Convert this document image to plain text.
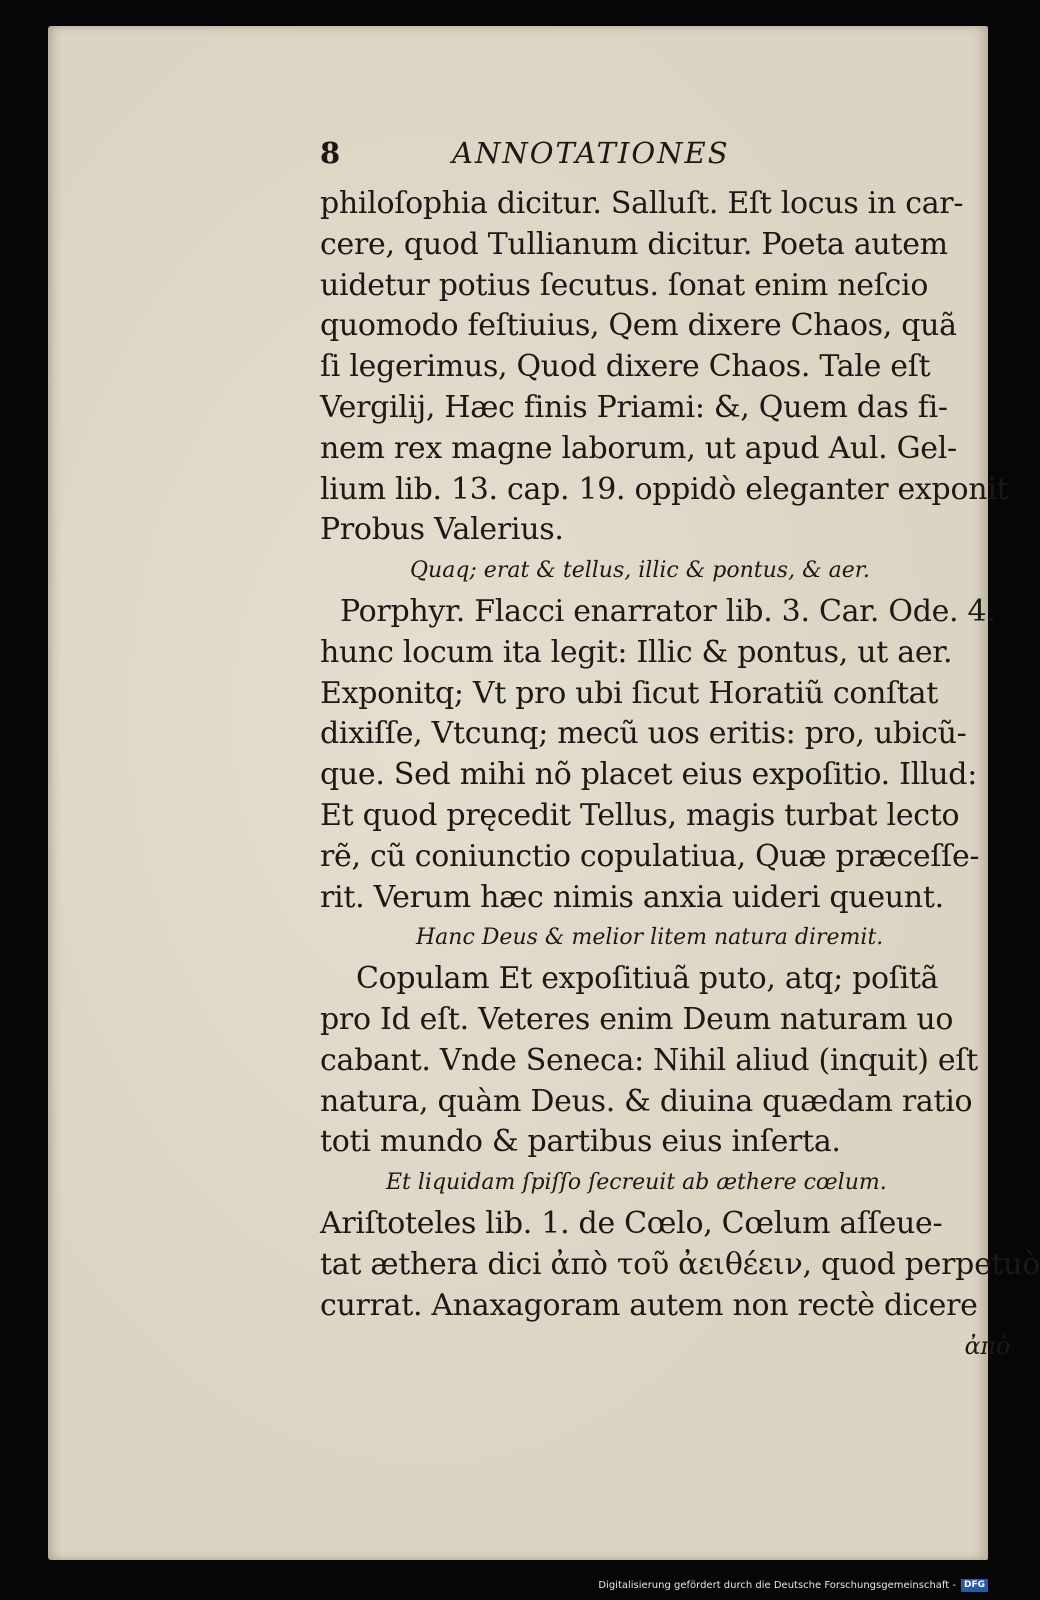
8	ANNOTATIONES
philoſophia dicitur. Salluſt. Eſt locus in car-
cere, quod Tullianum dicitur. Poeta autem
uidetur potius ſecutus. ſonat enim neſcio
quomodo feſtiuius, Qem dixere Chaos, quã
ſi legerimus, Quod dixere Chaos. Tale eſt
Vergilij, Hæc finis Priami: &, Quem das fi-
nem rex magne laborum, ut apud Aul. Gel-
lium lib. 13. cap. 19. oppidò eleganter exponit
Probus Valerius.
Quaq; erat & tellus, illic & pontus, & aer.
Porphyr. Flacci enarrator lib. 3. Car. Ode. 4.
hunc locum ita legit: Illic & pontus, ut aer.
Exponitq; Vt pro ubi ſicut Horatiũ conſtat
dixiſſe, Vtcunq; mecũ uos eritis: pro, ubicũ-
que. Sed mihi nõ placet eius expoſitio. Illud:
Et quod pręcedit Tellus, magis turbat lecto
rẽ, cũ coniunctio copulatiua, Quæ præceſſe-
rit. Verum hæc nimis anxia uideri queunt.
Hanc Deus & melior litem natura diremit.
Copulam Et expoſitiuã puto, atq; poſitã
pro Id eſt. Veteres enim Deum naturam uo
cabant. Vnde Seneca: Nihil aliud (inquit) eſt
natura, quàm Deus. & diuina quædam ratio
toti mundo & partibus eius inſerta.
Et liquidam ſpiſſo ſecreuit ab æthere cœlum.
Ariſtoteles lib. 1. de Cœlo, Cœlum aſſeue-
tat æthera dici ἀπὸ τοῦ ἀειθέειν, quod perpetuò
currat. Anaxagoram autem non rectè dicere
ἀπὸ
Digitalisierung gefördert durch die Deutsche Forschungsgemeinschaft - DFG
